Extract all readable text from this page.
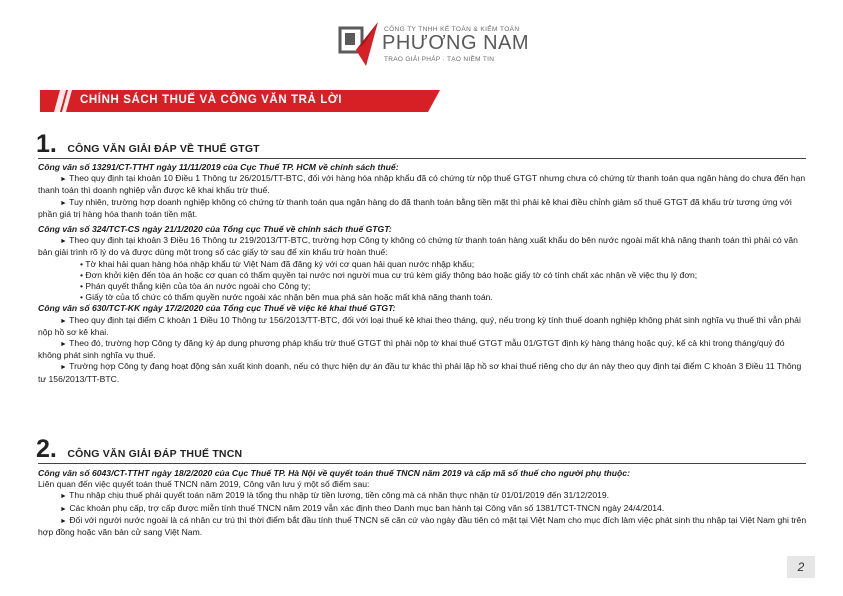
CÔNG TY TNHH KẾ TOÁN & KIỂM TOÁN
PHƯƠNG NAM
TRAO GIẢI PHÁP · TẠO NIỀM TIN
CHÍNH SÁCH THUẾ VÀ CÔNG VĂN TRẢ LỜI
1. CÔNG VĂN GIẢI ĐÁP VỀ THUẾ GTGT

Công văn số 13291/CT-TTHT ngày 11/11/2019 của Cục Thuế TP. HCM về chính sách thuế:

► Theo quy định tại khoản 10 Điều 1 Thông tư 26/2015/TT-BTC, đối với hàng hóa nhập khẩu đã có chứng từ nộp thuế GTGT nhưng chưa có chứng từ thanh toán qua ngân hàng do chưa đến hạn thanh toán thì doanh nghiệp vẫn được kê khai khấu trừ thuế.

► Tuy nhiên, trường hợp doanh nghiệp không có chứng từ thanh toán qua ngân hàng do đã thanh toán bằng tiền mặt thì phải kê khai điều chỉnh giảm số thuế GTGT đã khấu trừ tương ứng với phần giá trị hàng hóa thanh toán tiền mặt.

Công văn số 324/TCT-CS ngày 21/1/2020 của Tổng cục Thuế về chính sách thuế GTGT:

► Theo quy định tại khoản 3 Điều 16 Thông tư 219/2013/TT-BTC, trường hợp Công ty không có chứng từ thanh toán hàng xuất khẩu do bên nước ngoài mất khả năng thanh toán thì phải có văn bản giải trình rõ lý do và được dùng một trong số các giấy tờ sau để xin khấu trừ hoàn thuế:

• Tờ khai hải quan hàng hóa nhập khẩu từ Việt Nam đã đăng ký với cơ quan hải quan nước nhập khẩu;

• Đơn khởi kiện đến tòa án hoặc cơ quan có thẩm quyền tại nước nơi người mua cư trú kèm giấy thông báo hoặc giấy tờ có tính chất xác nhận về việc thụ lý đơn;

• Phán quyết thắng kiện của tòa án nước ngoài cho Công ty;

• Giấy tờ của tổ chức có thẩm quyền nước ngoài xác nhận bên mua phá sản hoặc mất khả năng thanh toán.

Công văn số 630/TCT-KK ngày 17/2/2020 của Tổng cục Thuế về việc kê khai thuế GTGT:

► Theo quy định tại điểm C khoản 1 Điều 10 Thông tư 156/2013/TT-BTC, đối với loại thuế kê khai theo tháng, quý, nếu trong kỳ tính thuế doanh nghiệp không phát sinh nghĩa vụ thuế thì vẫn phải nộp hồ sơ kê khai.

► Theo đó, trường hợp Công ty đăng ký áp dụng phương pháp khấu trừ thuế GTGT thì phải nộp tờ khai thuế GTGT mẫu 01/GTGT định kỳ hàng tháng hoặc quý, kể cả khi trong tháng/quý đó không phát sinh nghĩa vụ thuế.

► Trường hợp Công ty đang hoạt động sản xuất kinh doanh, nếu có thực hiện dự án đầu tư khác thì phải lập hồ sơ khai thuế riêng cho dự án này theo quy định tại điểm C khoản 3 Điều 11 Thông tư 156/2013/TT-BTC.

2. CÔNG VĂN GIẢI ĐÁP THUẾ TNCN

Công văn số 6043/CT-TTHT ngày 18/2/2020 của Cục Thuế TP. Hà Nội về quyết toán thuế TNCN năm 2019 và cấp mã số thuế cho người phụ thuộc:

Liên quan đến việc quyết toán thuế TNCN năm 2019, Công văn lưu ý một số điểm sau:

► Thu nhập chịu thuế phải quyết toán năm 2019 là tổng thu nhập từ tiền lương, tiền công mà cá nhân thực nhận từ 01/01/2019 đến 31/12/2019.

► Các khoản phụ cấp, trợ cấp được miễn tính thuế TNCN năm 2019 vẫn xác định theo Danh mục ban hành tại Công văn số 1381/TCT-TNCN ngày 24/4/2014.

► Đối với người nước ngoài là cá nhân cư trú thì thời điểm bắt đầu tính thuế TNCN sẽ căn cứ vào ngày đầu tiên có mặt tại Việt Nam cho mục đích làm việc phát sinh thu nhập tại Việt Nam ghi trên hợp đồng hoặc văn bản cử sang Việt Nam.

2
